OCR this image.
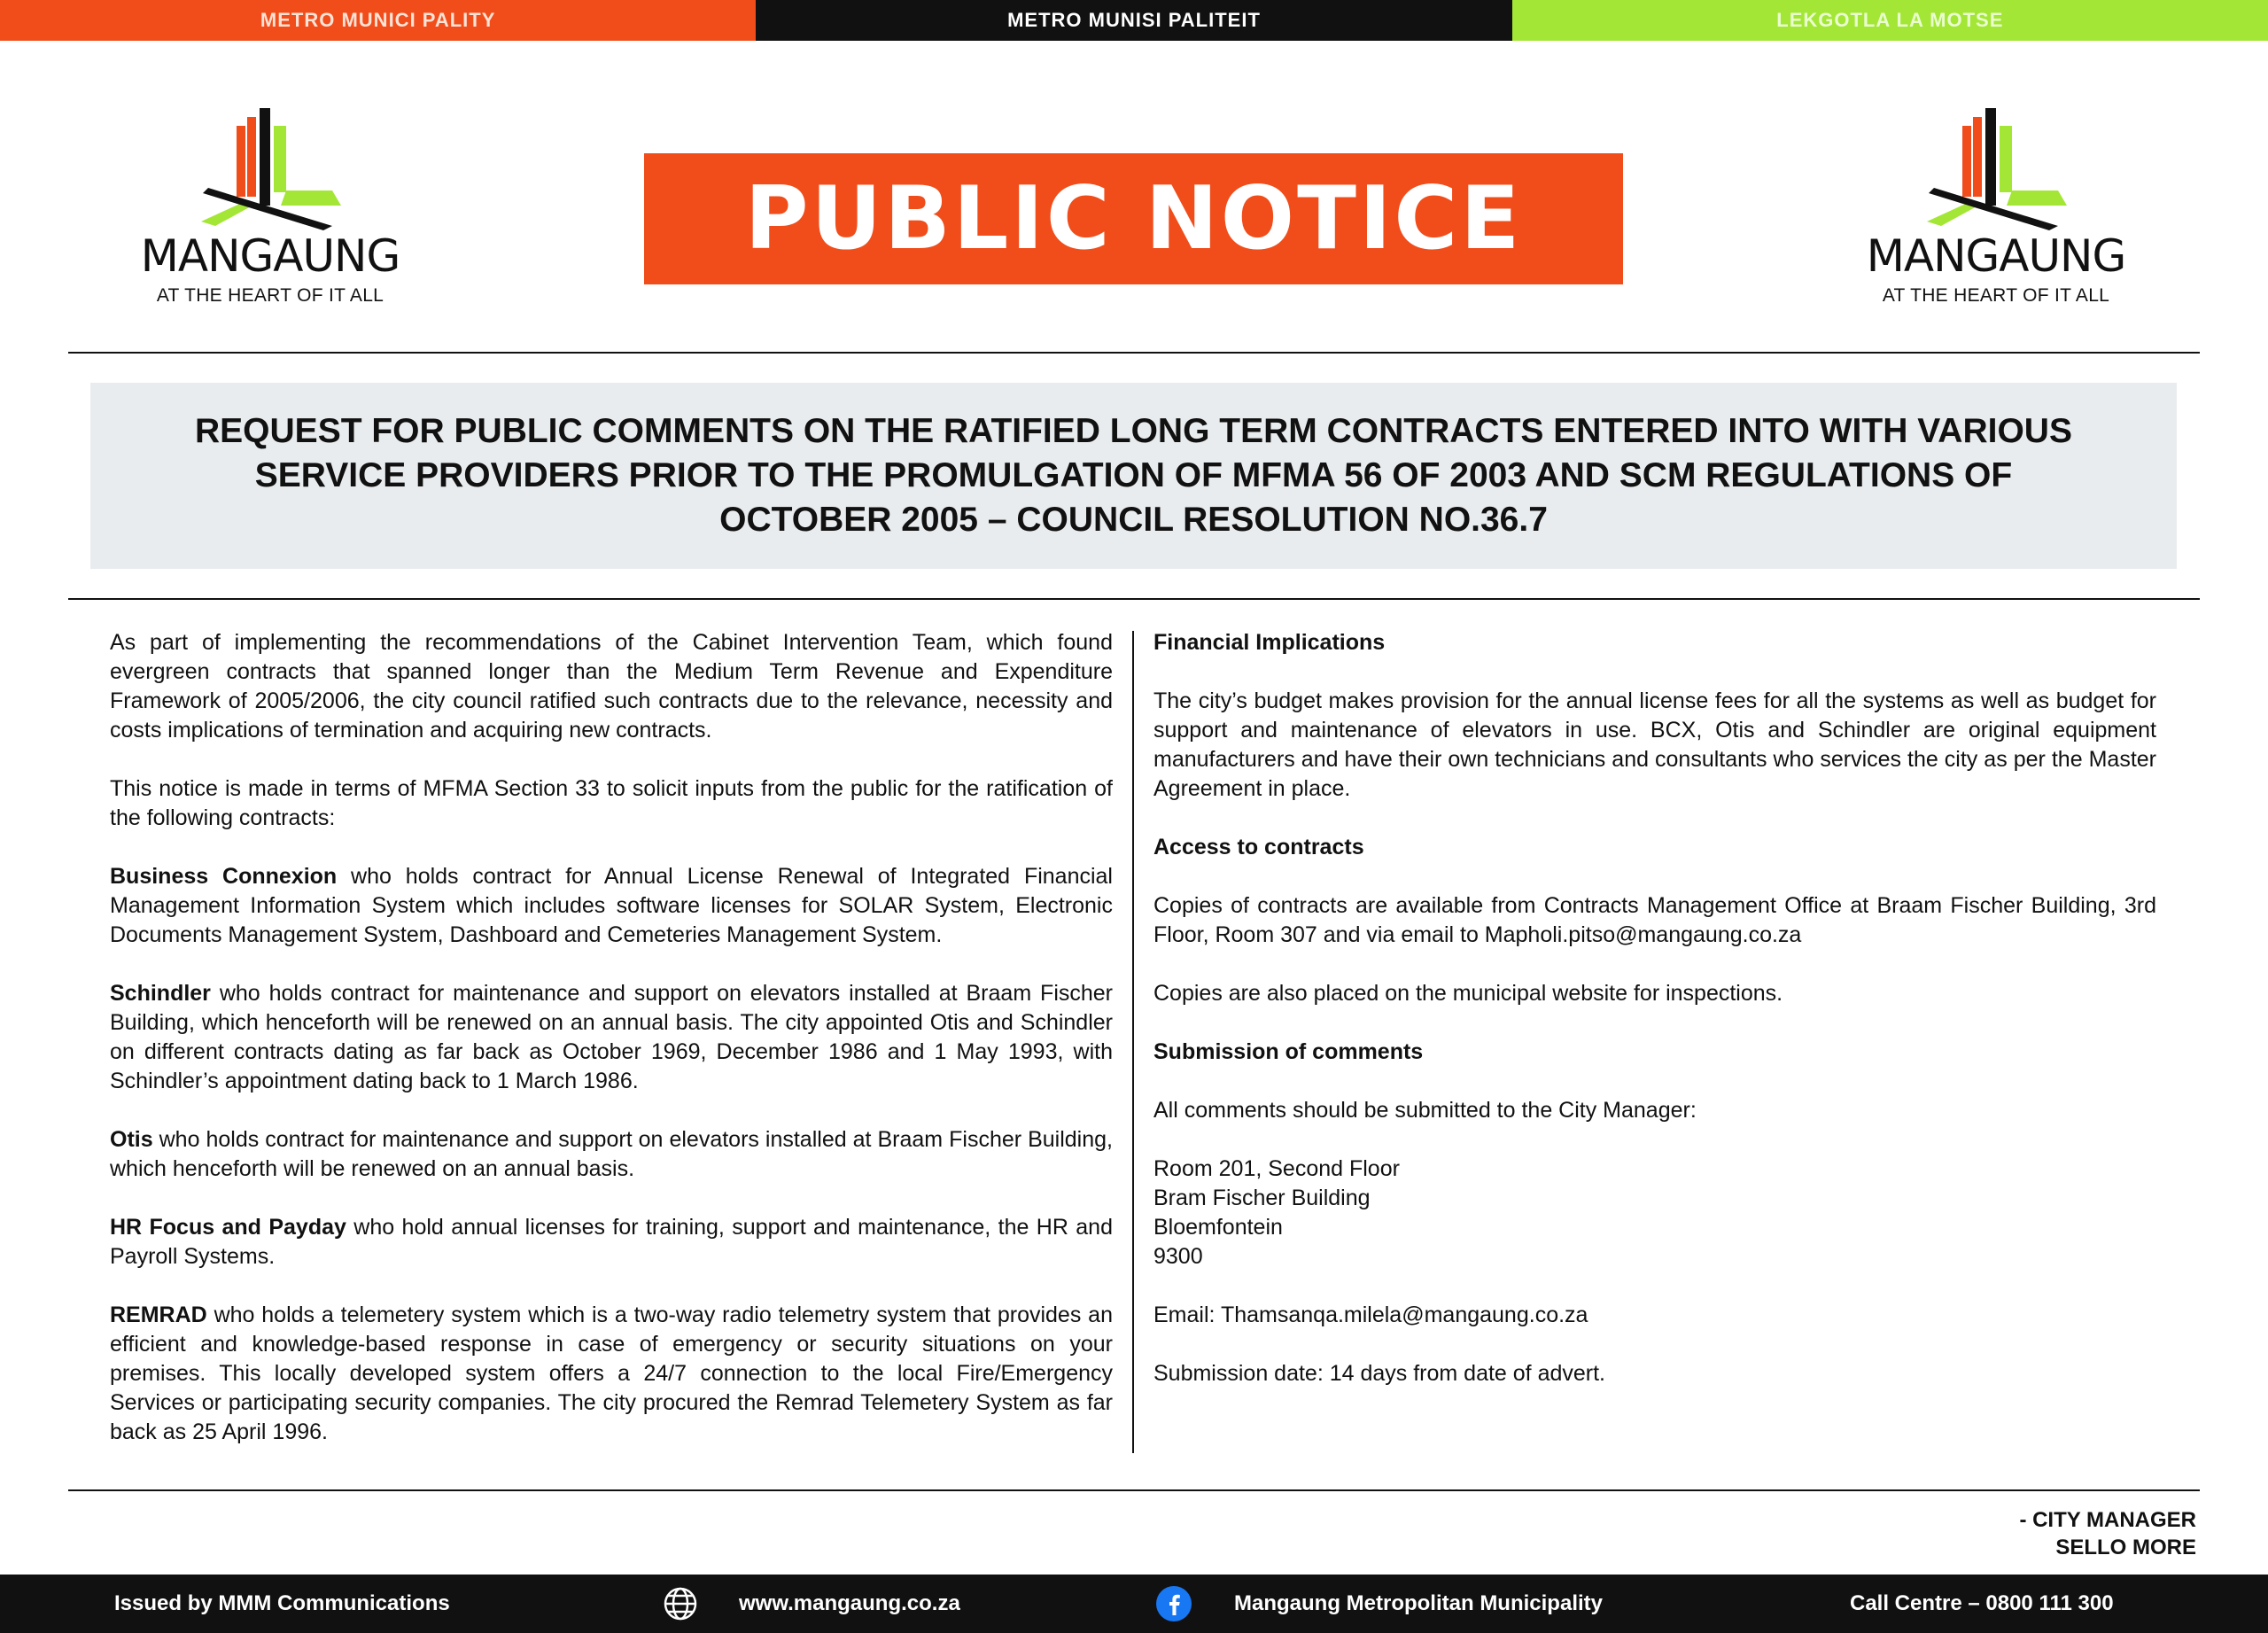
METRO MUNICI PALITY	METRO MUNISI PALITEIT	LEKGOTLA LA MOTSE
MANGAUNG
AT THE HEART OF IT ALL
PUBLIC NOTICE	MANGAUNG
AT THE HEART OF IT ALL
REQUEST FOR PUBLIC COMMENTS ON THE RATIFIED LONG TERM CONTRACTS ENTERED INTO WITH VARIOUS SERVICE PROVIDERS PRIOR TO THE PROMULGATION OF MFMA 56 OF 2003 AND SCM REGULATIONS OF OCTOBER 2005 – COUNCIL RESOLUTION NO.36.7

As part of implementing the recommendations of the Cabinet Intervention Team, which found evergreen contracts that spanned longer than the Medium Term Revenue and Expenditure Framework of 2005/2006, the city council ratified such contracts due to the relevance, necessity and costs implications of termination and acquiring new contracts.

This notice is made in terms of MFMA Section 33 to solicit inputs from the public for the ratification of the following contracts:

Business Connexion who holds contract for Annual License Renewal of Integrated Financial Management Information System which includes software licenses for SOLAR System, Electronic Documents Management System, Dashboard and Cemeteries Management System.

Schindler who holds contract for maintenance and support on elevators installed at Braam Fischer Building, which henceforth will be renewed on an annual basis. The city appointed Otis and Schindler on different contracts dating as far back as October 1969, December 1986 and 1 May 1993, with Schindler’s appointment dating back to 1 March 1986.

Otis who holds contract for maintenance and support on elevators installed at Braam Fischer Building, which henceforth will be renewed on an annual basis.

HR Focus and Payday who hold annual licenses for training, support and maintenance, the HR and Payroll Systems.

REMRAD who holds a telemetery system which is a two-way radio telemetry system that provides an efficient and knowledge-based response in case of emergency or security situations on your premises. This locally developed system offers a 24/7 connection to the local Fire/Emergency Services or participating security companies. The city procured the Remrad Telemetery System as far back as 25 April 1996.

Financial Implications

The city’s budget makes provision for the annual license fees for all the systems as well as budget for support and maintenance of elevators in use. BCX, Otis and Schindler are original equipment manufacturers and have their own technicians and consultants who services the city as per the Master Agreement in place.

Access to contracts

Copies of contracts are available from Contracts Management Office at Braam Fischer Building, 3rd Floor, Room 307 and via email to Mapholi.pitso@mangaung.co.za

Copies are also placed on the municipal website for inspections.

Submission of comments

All comments should be submitted to the City Manager:

Room 201, Second Floor

Bram Fischer Building

Bloemfontein

9300

Email: Thamsanqa.milela@mangaung.co.za

Submission date: 14 days from date of advert.

- CITY MANAGER
SELLO MORE
Issued by MMM Communications	www.mangaung.co.za	Mangaung Metropolitan Municipality	Call Centre – 0800 111 300
